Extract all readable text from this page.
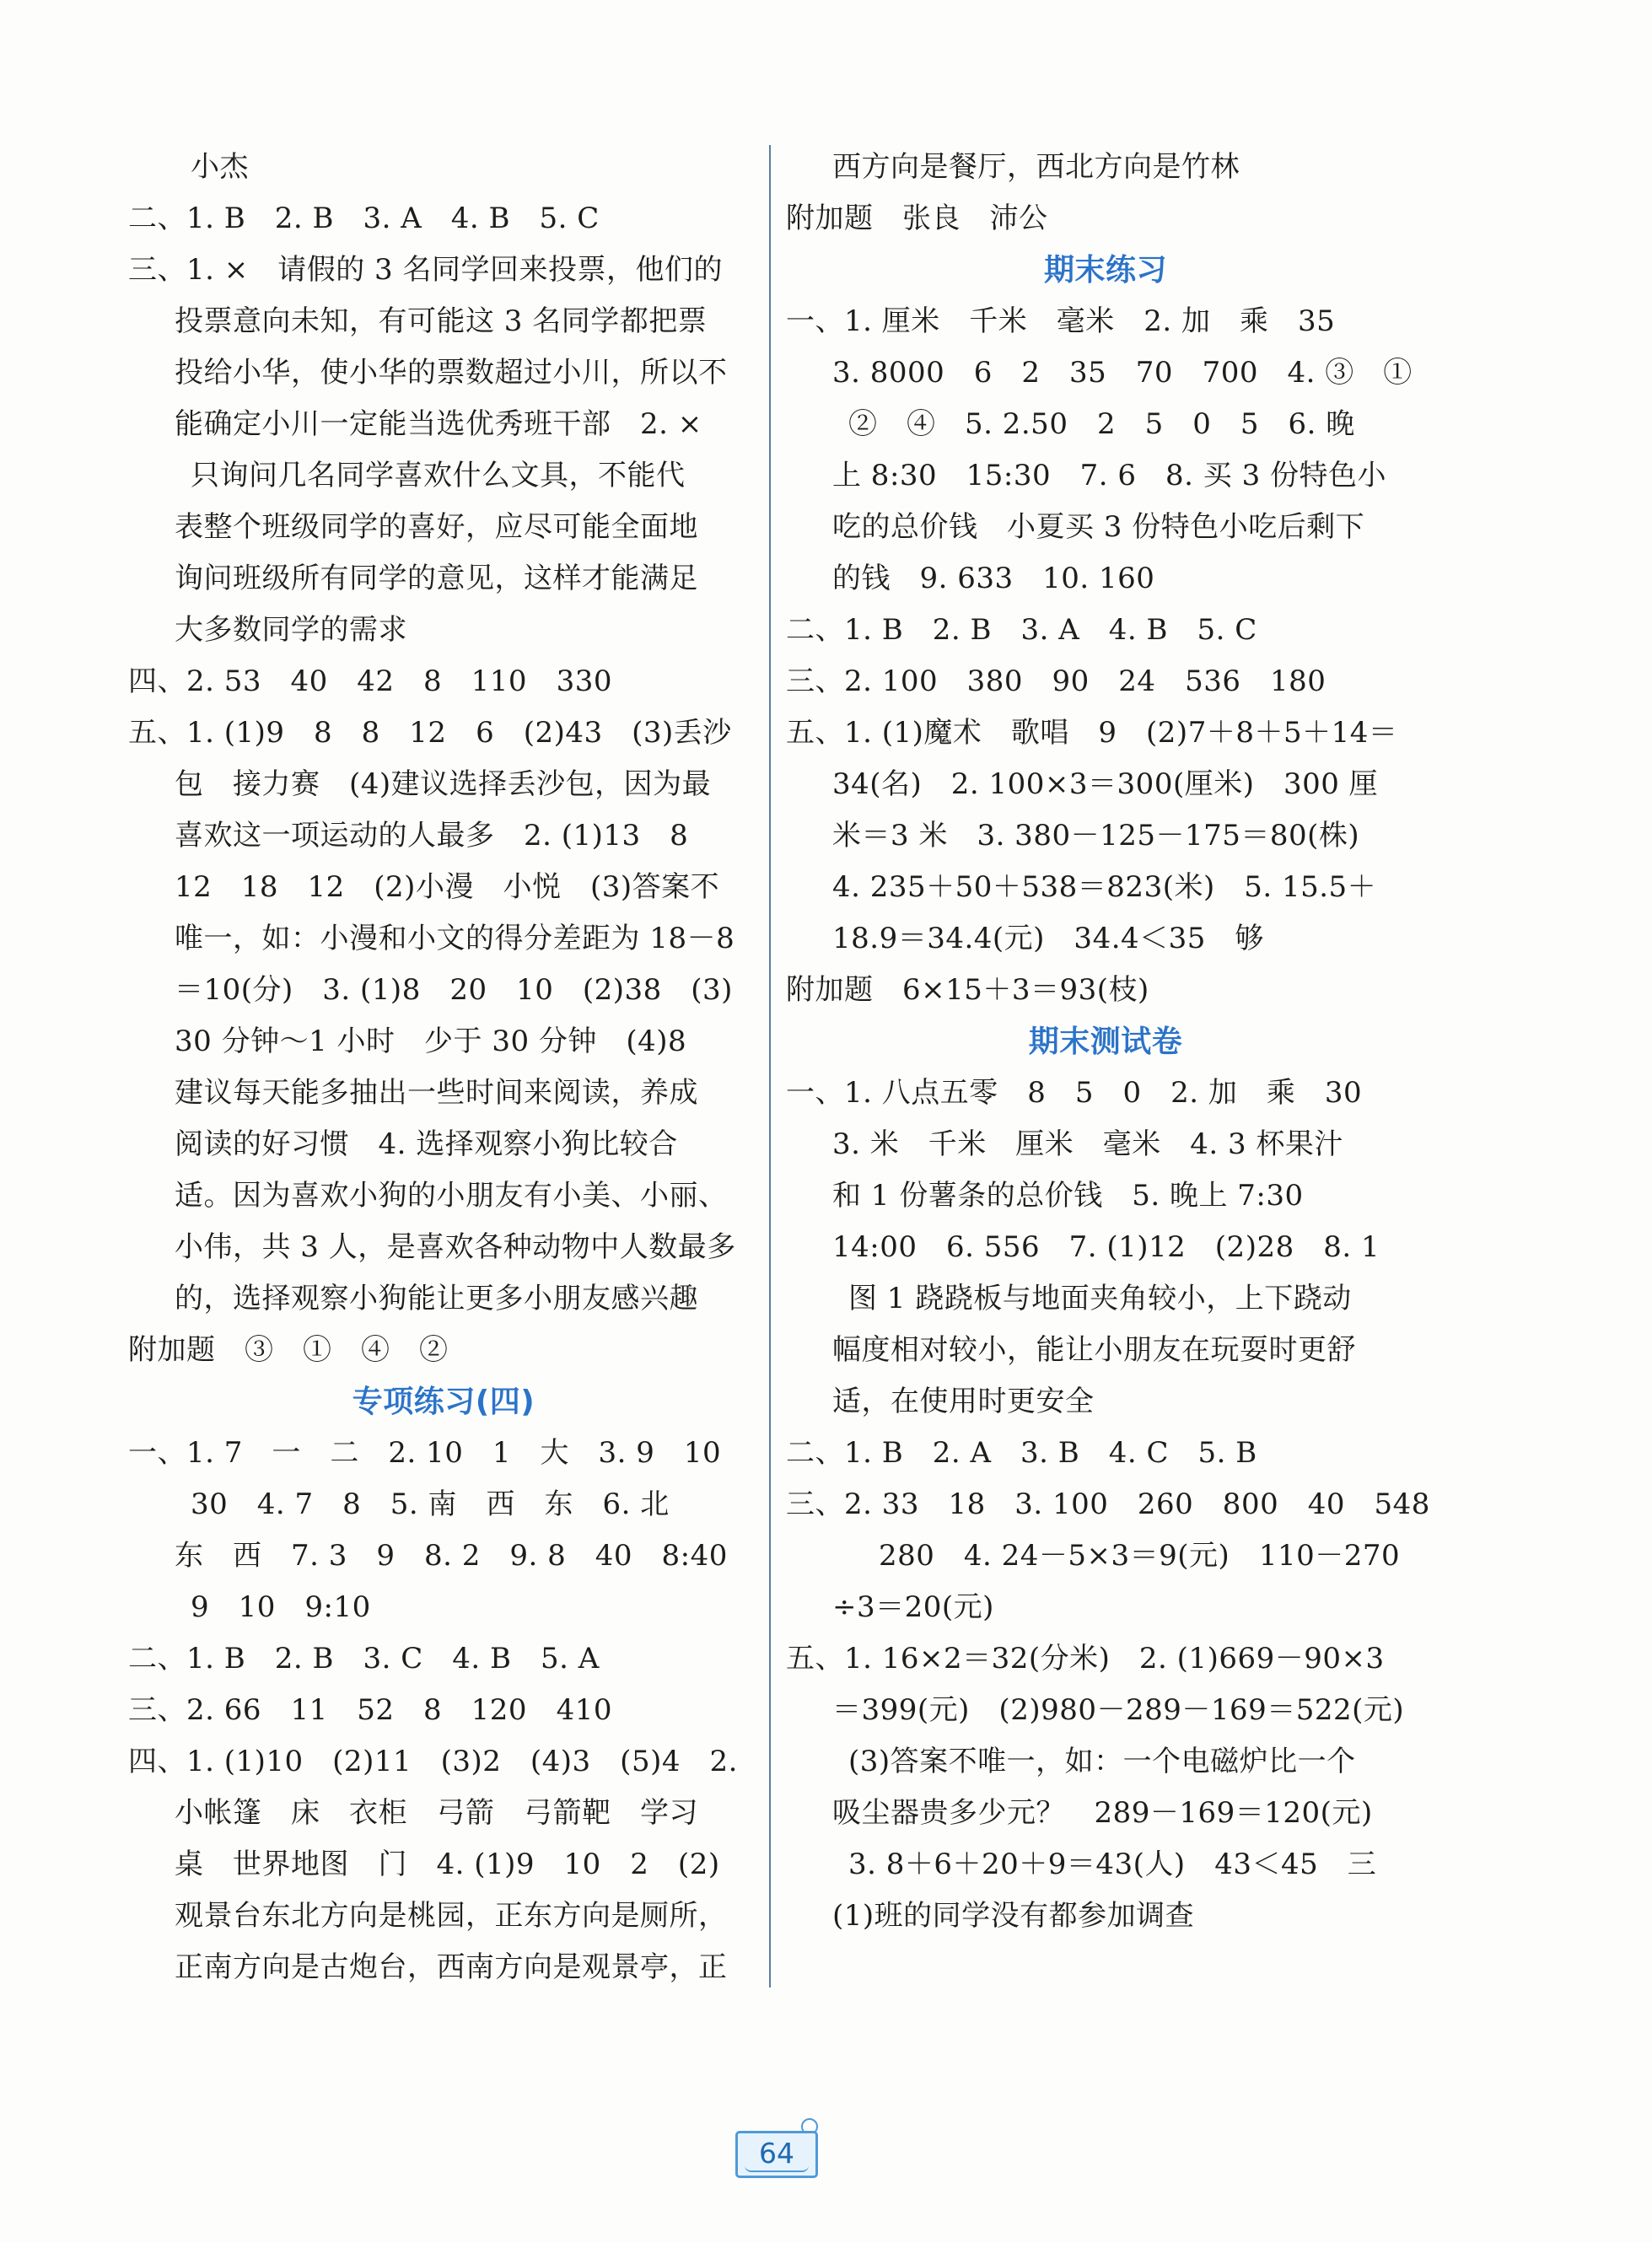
小杰
二、1. B　2. B　3. A　4. B　5. C
三、1. ×　请假的 3 名同学回来投票，他们的
投票意向未知，有可能这 3 名同学都把票
投给小华，使小华的票数超过小川，所以不
能确定小川一定能当选优秀班干部　2. ×
只询问几名同学喜欢什么文具，不能代
表整个班级同学的喜好，应尽可能全面地
询问班级所有同学的意见，这样才能满足
大多数同学的需求
四、2. 53　40　42　8　110　330
五、1. (1)9　8　8　12　6　(2)43　(3)丢沙
包　接力赛　(4)建议选择丢沙包，因为最
喜欢这一项运动的人最多　2. (1)13　8
12　18　12　(2)小漫　小悦　(3)答案不
唯一，如：小漫和小文的得分差距为 18－8
＝10(分)　3. (1)8　20　10　(2)38　(3)
30 分钟～1 小时　少于 30 分钟　(4)8
建议每天能多抽出一些时间来阅读，养成
阅读的好习惯　4. 选择观察小狗比较合
适。因为喜欢小狗的小朋友有小美、小丽、
小伟，共 3 人，是喜欢各种动物中人数最多
的，选择观察小狗能让更多小朋友感兴趣
附加题　③　①　④　②
专项练习(四)
一、1. 7　一　二　2. 10　1　大　3. 9　10
30　4. 7　8　5. 南　西　东　6. 北
东　西　7. 3　9　8. 2　9. 8　40　8:40
9　10　9:10
二、1. B　2. B　3. C　4. B　5. A
三、2. 66　11　52　8　120　410
四、1. (1)10　(2)11　(3)2　(4)3　(5)4　2.
小帐篷　床　衣柜　弓箭　弓箭靶　学习
桌　世界地图　门　4. (1)9　10　2　(2)
观景台东北方向是桃园，正东方向是厕所，
正南方向是古炮台，西南方向是观景亭，正
西方向是餐厅，西北方向是竹林
附加题　张良　沛公
期末练习
一、1. 厘米　千米　毫米　2. 加　乘　35
3. 8000　6　2　35　70　700　4. ③　①
②　④　5. 2.50　2　5　0　5　6. 晚
上 8:30　15:30　7. 6　8. 买 3 份特色小
吃的总价钱　小夏买 3 份特色小吃后剩下
的钱　9. 633　10. 160
二、1. B　2. B　3. A　4. B　5. C
三、2. 100　380　90　24　536　180
五、1. (1)魔术　歌唱　9　(2)7＋8＋5＋14＝
34(名)　2. 100×3＝300(厘米)　300 厘
米＝3 米　3. 380－125－175＝80(株)
4. 235＋50＋538＝823(米)　5. 15.5＋
18.9＝34.4(元)　34.4＜35　够
附加题　6×15＋3＝93(枝)
期末测试卷
一、1. 八点五零　8　5　0　2. 加　乘　30
3. 米　千米　厘米　毫米　4. 3 杯果汁
和 1 份薯条的总价钱　5. 晚上 7:30
14:00　6. 556　7. (1)12　(2)28　8. 1
图 1 跷跷板与地面夹角较小，上下跷动
幅度相对较小，能让小朋友在玩耍时更舒
适，在使用时更安全
二、1. B　2. A　3. B　4. C　5. B
三、2. 33　18　3. 100　260　800　40　548
280　4. 24－5×3＝9(元)　110－270
÷3＝20(元)
五、1. 16×2＝32(分米)　2. (1)669－90×3
＝399(元)　(2)980－289－169＝522(元)
(3)答案不唯一，如：一个电磁炉比一个
吸尘器贵多少元？　289－169＝120(元)
3. 8＋6＋20＋9＝43(人)　43＜45　三
(1)班的同学没有都参加调查
64
